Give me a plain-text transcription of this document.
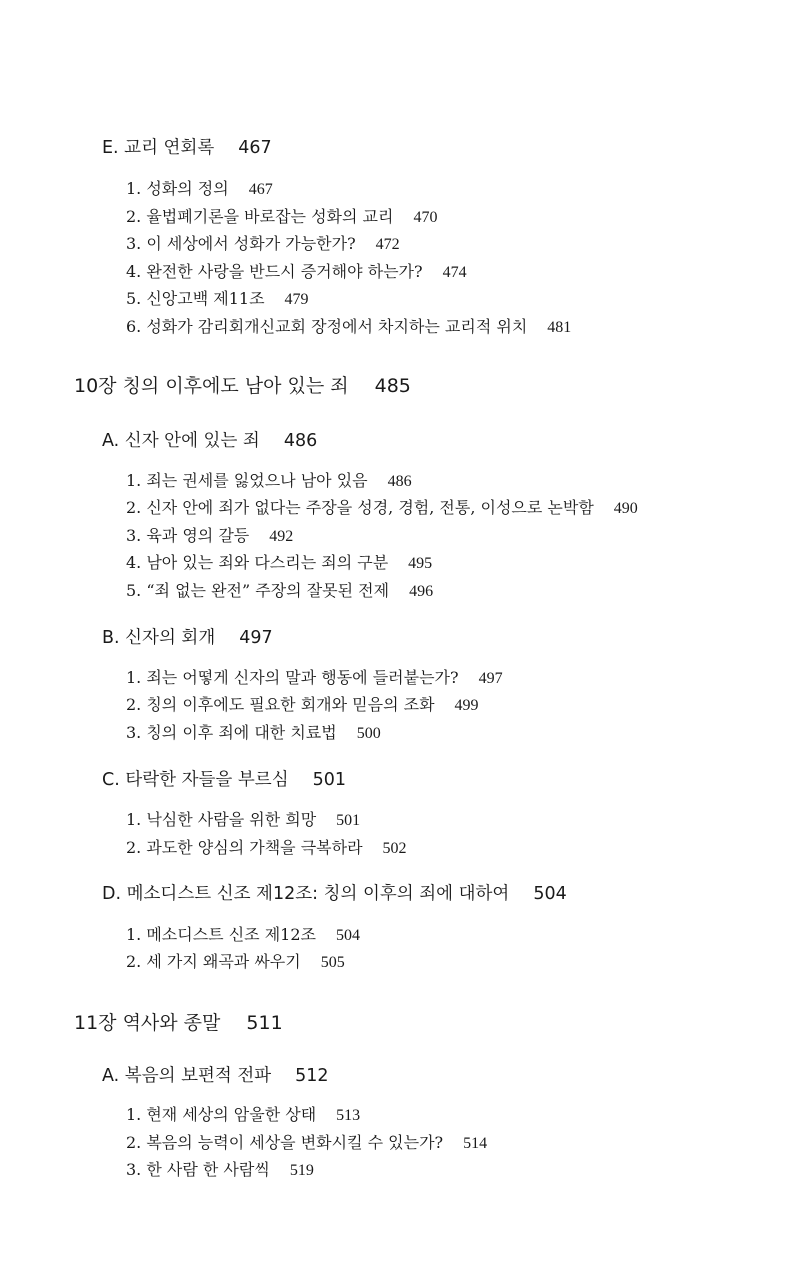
E. 교리 연회록 467
1. 성화의 정의 467
2. 율법폐기론을 바로잡는 성화의 교리 470
3. 이 세상에서 성화가 가능한가? 472
4. 완전한 사랑을 반드시 증거해야 하는가? 474
5. 신앙고백 제11조 479
6. 성화가 감리회개신교회 장정에서 차지하는 교리적 위치 481
10장 칭의 이후에도 남아 있는 죄 485
A. 신자 안에 있는 죄 486
1. 죄는 권세를 잃었으나 남아 있음 486
2. 신자 안에 죄가 없다는 주장을 성경, 경험, 전통, 이성으로 논박함 490
3. 육과 영의 갈등 492
4. 남아 있는 죄와 다스리는 죄의 구분 495
5. “죄 없는 완전” 주장의 잘못된 전제 496
B. 신자의 회개 497
1. 죄는 어떻게 신자의 말과 행동에 들러붙는가? 497
2. 칭의 이후에도 필요한 회개와 믿음의 조화 499
3. 칭의 이후 죄에 대한 치료법 500
C. 타락한 자들을 부르심 501
1. 낙심한 사람을 위한 희망 501
2. 과도한 양심의 가책을 극복하라 502
D. 메소디스트 신조 제12조: 칭의 이후의 죄에 대하여 504
1. 메소디스트 신조 제12조 504
2. 세 가지 왜곡과 싸우기 505
11장 역사와 종말 511
A. 복음의 보편적 전파 512
1. 현재 세상의 암울한 상태 513
2. 복음의 능력이 세상을 변화시킬 수 있는가? 514
3. 한 사람 한 사람씩 519
